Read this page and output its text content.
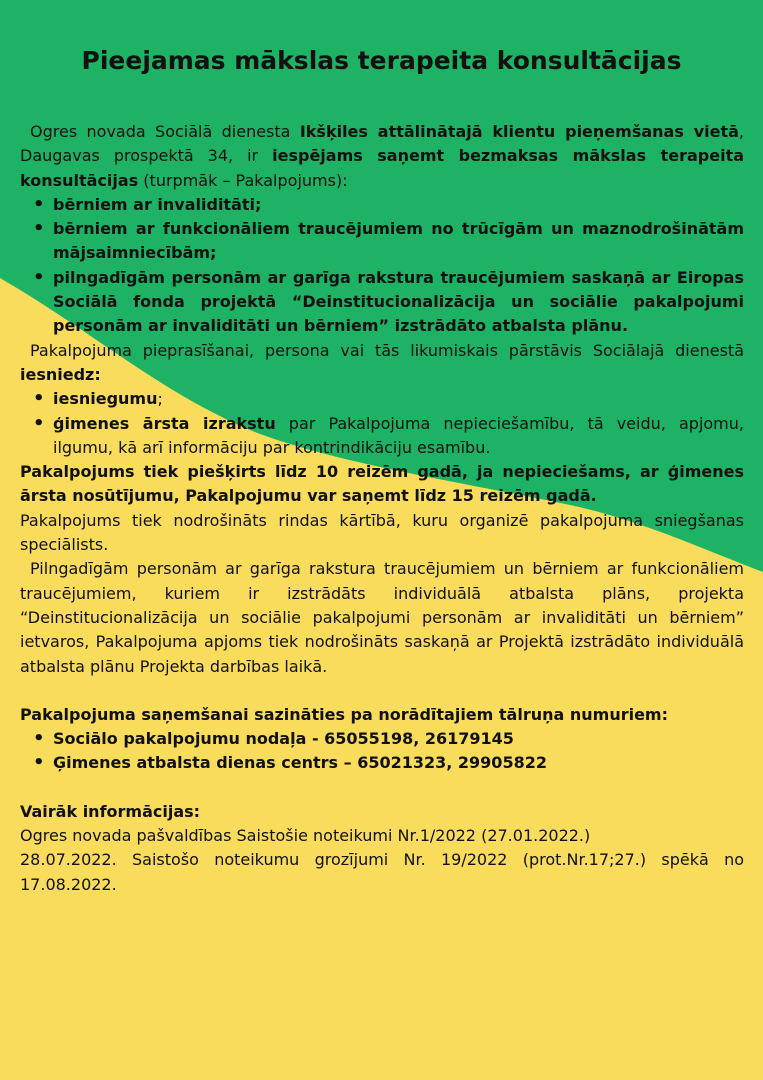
Pieejamas mākslas terapeita konsultācijas

Ogres novada Sociālā dienesta Ikšķiles attālinātajā klientu pieņemšanas vietā, Daugavas prospektā 34, ir iespējams saņemt bezmaksas mākslas terapeita konsultācijas (turpmāk – Pakalpojums):

• bērniem ar invaliditāti;
• bērniem ar funkcionāliem traucējumiem no trūcīgām un maznodrošinātām mājsaimniecībām;
• pilngadīgām personām ar garīga rakstura traucējumiem saskaņā ar Eiropas Sociālā fonda projektā “Deinstitucionalizācija un sociālie pakalpojumi personām ar invaliditāti un bērniem” izstrādāto atbalsta plānu.

Pakalpojuma pieprasīšanai, persona vai tās likumiskais pārstāvis Sociālajā dienestā iesniedz:

• iesniegumu;
• ģimenes ārsta izrakstu par Pakalpojuma nepieciešamību, tā veidu, apjomu, ilgumu, kā arī informāciju par kontrindikāciju esamību.

Pakalpojums tiek piešķirts līdz 10 reizēm gadā, ja nepieciešams, ar ģimenes ārsta nosūtījumu, Pakalpojumu var saņemt līdz 15 reizēm gadā.

Pakalpojums tiek nodrošināts rindas kārtībā, kuru organizē pakalpojuma sniegšanas speciālists.

Pilngadīgām personām ar garīga rakstura traucējumiem un bērniem ar funkcionāliem traucējumiem, kuriem ir izstrādāts individuālā atbalsta plāns, projekta “Deinstitucionalizācija un sociālie pakalpojumi personām ar invaliditāti un bērniem” ietvaros, Pakalpojuma apjoms tiek nodrošināts saskaņā ar Projektā izstrādāto individuālā atbalsta plānu Projekta darbības laikā.

Pakalpojuma saņemšanai sazināties pa norādītajiem tālruņa numuriem:

• Sociālo pakalpojumu nodaļa - 65055198, 26179145
• Ģimenes atbalsta dienas centrs – 65021323, 29905822

Vairāk informācijas:

Ogres novada pašvaldības Saistošie noteikumi Nr.1/2022 (27.01.2022.)

28.07.2022. Saistošo noteikumu grozījumi Nr. 19/2022 (prot.Nr.17;27.) spēkā no 17.08.2022.
